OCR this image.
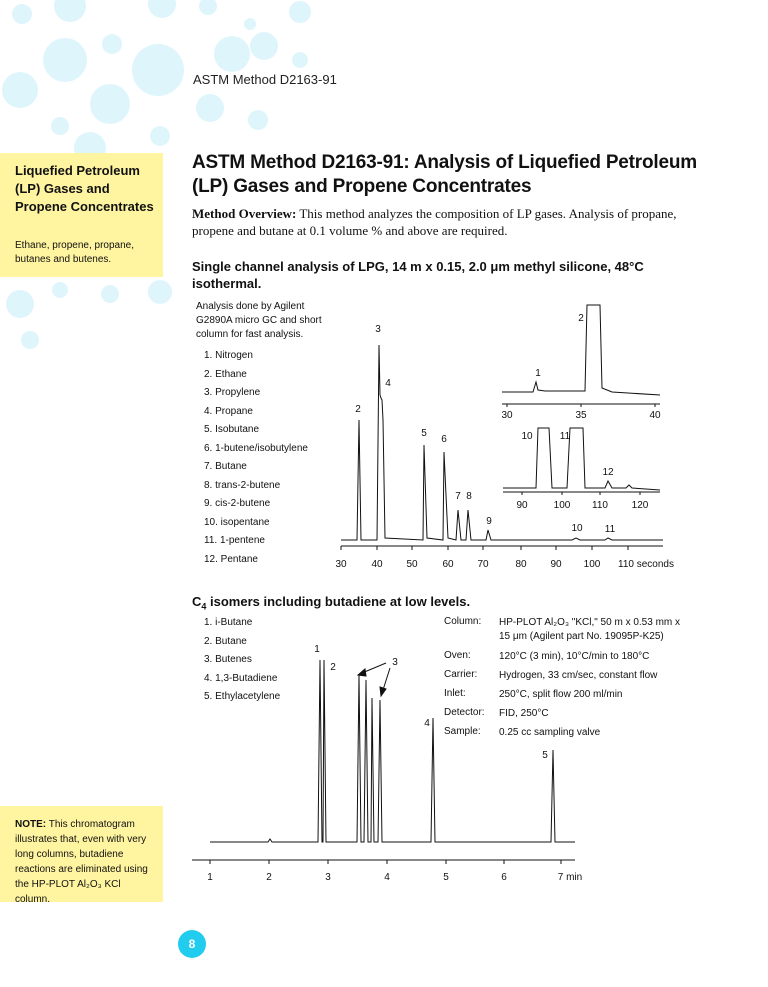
ASTM Method D2163-91
Liquefied Petroleum (LP) Gases and Propene Concentrates
Ethane, propene, propane, butanes and butenes.
ASTM Method D2163-91: Analysis of Liquefied Petroleum (LP) Gases and Propene Concentrates
Method Overview: This method analyzes the composition of LP gases. Analysis of propane, propene and butane at 0.1 volume % and above are required.
Single channel analysis of LPG, 14 m x 0.15, 2.0 μm methyl silicone, 48°C isothermal.
Analysis done by Agilent G2890A micro GC and short column for fast analysis.
1. Nitrogen
2. Ethane
3. Propylene
4. Propane
5. Isobutane
6. 1-butene/isobutylene
7. Butane
8. trans-2-butene
9. cis-2-butene
10. isopentane
11. 1-pentene
12. Pentane	30 40 50 60 70	80 90 100 110 seconds
2
3
4
5
6
7 8
9
10 11
30	35	40
1
2
90	100 110 120
10	11
12
$C_4$ isomers including butadiene at low levels.
1. i-Butane
2. Butane
3. Butenes
4. 1,3-Butadiene
5. Ethylacetylene
Column:	HP-PLOT Al₂O₃ "KCl," 50 m x 0.53 mm x
15 μm (Agilent part No. 19095P-K25)
Oven:	120°C (3 min), 10°C/min to 180°C
Carrier:	Hydrogen, 33 cm/sec, constant flow
Inlet:	250°C, split flow 200 ml/min
Detector:	FID, 250°C
Sample:	0.25 cc sampling valve
1	2	3	4	5	6	7 min
1
2	3
4
5
NOTE: This chromatogram illustrates that, even with very long columns, butadiene reactions are eliminated using the HP-PLOT Al₂O₃ KCl column.
8
